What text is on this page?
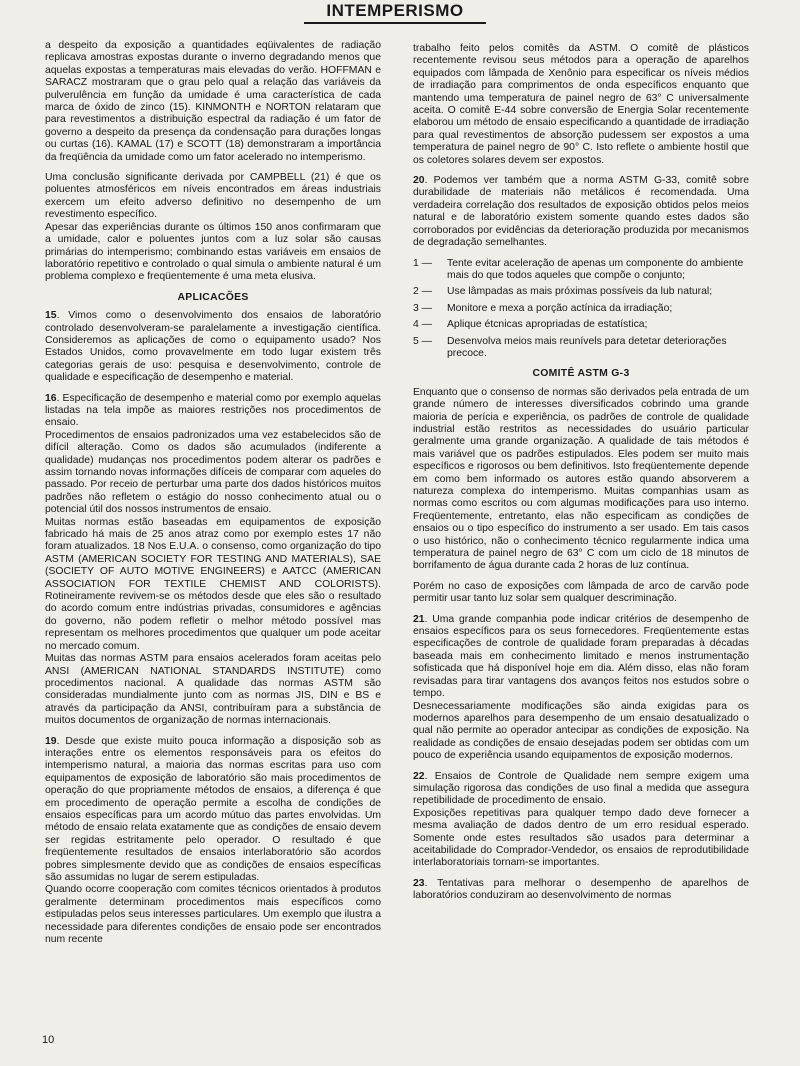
INTEMPERISMO

a despeito da exposição a quantidades eqüivalentes de radiação replicava amostras expostas durante o inverno degradando menos que aquelas expostas a temperaturas mais elevadas do verão. HOFFMAN e SARACZ mostraram que o grau pelo qual a relação das variáveis da pulverulência em função da umidade é uma característica de cada marca de óxido de zinco (15). KINMONTH e NORTON relataram que para revestimentos a distribuição espectral da radiação é um fator de governo a despeito da presença da condensação para durações longas ou curtas (16). KAMAL (17) e SCOTT (18) demonstraram a importância da freqüência da umidade como um fator acelerado no intemperismo.

Uma conclusão significante derivada por CAMPBELL (21) é que os poluentes atmosféricos em níveis encontrados em áreas industriais exercem um efeito adverso definitivo no desempenho de um revestimento específico.

Apesar das experiências durante os últimos 150 anos confirmaram que a umidade, calor e poluentes juntos com a luz solar são causas primárias do intemperismo; combinando estas variáveis em ensaios de laboratório repetitivo e controlado o qual simula o ambiente natural é um problema complexo e freqüentemente é uma meta elusiva.

APLICACÕES

15. Vimos como o desenvolvimento dos ensaios de laboratório controlado desenvolveram-se paralelamente a investigação científica. Consideremos as aplicações de como o equipamento usado? Nos Estados Unidos, como provavelmente em todo lugar existem três categorias gerais de uso: pesquisa e desenvolvimento, controle de qualidade e especificação de desempenho e material.

16. Especificação de desempenho e material como por exemplo aquelas listadas na tela impõe as maiores restrições nos procedimentos de ensaio.

Procedimentos de ensaios padronizados uma vez estabelecidos são de difícil alteração. Como os dados são acumulados (indiferente a qualidade) mudanças nos procedimentos podem alterar os padrões e assim tornando novas informações difíceis de comparar com aqueles do passado. Por receio de perturbar uma parte dos dados históricos muitos padrões não refletem o estágio do nosso conhecimento atual ou o potencial útil dos nossos instrumentos de ensaio.

Muitas normas estão baseadas em equipamentos de exposição fabricado há mais de 25 anos atraz como por exemplo estes 17 não foram atualizados. 18 Nos E.U.A. o consenso, como organização do tipo ASTM (AMERICAN SOCIETY FOR TESTING AND MATERIALS), SAE (SOCIETY OF AUTO MOTIVE ENGINEERS) e AATCC (AMERICAN ASSOCIATION FOR TEXTILE CHEMIST AND COLORISTS). Rotineiramente revivem-se os métodos desde que eles são o resultado do acordo comum entre indústrias privadas, consumidores e agências do governo, não podem refletir o melhor método possível mas representam os melhores procedimentos que qualquer um pode aceitar no mercado comum.

Muitas das normas ASTM para ensaios acelerados foram aceitas pelo ANSI (AMERICAN NATIONAL STANDARDS INSTITUTE) como procedimentos nacional. A qualidade das normas ASTM são consideradas mundialmente junto com as normas JIS, DIN e BS e através da participação da ANSI, contribuíram para a substância de muitos documentos de organização de normas internacionais.

19. Desde que existe muito pouca informação a disposição sob as interações entre os elementos responsáveis para os efeitos do intemperismo natural, a maioria das normas escritas para uso com equipamentos de exposição de laboratório são mais procedimentos de operação do que propriamente métodos de ensaios, a diferença é que em procedimento de operação permite a escolha de condições de ensaios específicas para um acordo mútuo das partes envolvidas. Um método de ensaio relata exatamente que as condições de ensaio devem ser regidas estritamente pelo operador. O resultado é que freqüentemente resultados de ensaios interlaboratório são acordos pobres simplesmente devido que as condições de ensaios específicas são assumidas no lugar de serem estipuladas.

Quando ocorre cooperação com comites técnicos orientados à produtos geralmente determinam procedimentos mais específicos como estipuladas pelos seus interesses particulares. Um exemplo que ilustra a necessidade para diferentes condições de ensaio pode ser encontrados num recente

trabalho feito pelos comitês da ASTM. O comitê de plásticos recentemente revisou seus métodos para a operação de aparelhos equipados com lâmpada de Xenônio para especificar os níveis médios de irradiação para comprimentos de onda específicos enquanto que mantendo uma temperatura de painel negro de 63° C universalmente aceita. O comitê E-44 sobre conversão de Energia Solar recentemente elaborou um método de ensaio especificando a quantidade de irradiação para qual revestimentos de absorção pudessem ser expostos a uma temperatura de painel negro de 90° C. Isto reflete o ambiente hostil que os coletores solares devem ser expostos.

20. Podemos ver também que a norma ASTM G-33, comitê sobre durabilidade de materiais não metálicos é recomendada. Uma verdadeira correlação dos resultados de exposição obtidos pelos meios natural e de laboratório existem somente quando estes dados são corroborados por evidências da deterioração produzida por mecanismos de degradação semelhantes.

1 —	Tente evitar aceleração de apenas um componente do ambiente mais do que todos aqueles que compõe o conjunto;
2 —	Use lâmpadas as mais próximas possíveis da lub natural;
3 —	Monitore e mexa a porção actínica da irradiação;
4 —	Aplique étcnicas apropriadas de estatística;
5 —	Desenvolva meios mais reunívels para detetar deteriorações precoce.
COMITÊ ASTM G-3

Enquanto que o consenso de normas são derivados pela entrada de um grande número de interesses diversificados cobrindo uma grande maioria de perícia e experiência, os padrões de controle de qualidade industrial estão restritos as necessidades do usuário particular geralmente uma grande organização. A qualidade de tais métodos é mais variável que os padrões estipulados. Eles podem ser muito mais específicos e rigorosos ou bem definitivos. Isto freqüentemente depende em como bem informado os autores estão quando absorverem a natureza complexa do intemperismo. Muitas companhias usam as normas como escritos ou com algumas modificações para uso interno. Freqüentemente, entretanto, elas não especificam as condições de ensaios ou o tipo específico do instrumento a ser usado. Em tais casos o uso histórico, não o conhecimento técnico regularmente indica uma temperatura de painel negro de 63° C com um ciclo de 18 minutos de borrifamento de água durante cada 2 horas de luz contínua.

Porém no caso de exposições com lâmpada de arco de carvão pode permitir usar tanto luz solar sem qualquer descriminação.

21. Uma grande companhia pode indicar critérios de desempenho de ensaios específicos para os seus fornecedores. Freqüentemente estas especificações de controle de qualidade foram preparadas à décadas baseada mais em conhecimento limitado e menos instrumentação sofisticada que há disponível hoje em dia. Além disso, elas não foram revisadas para tirar vantagens dos avanços feitos nos estudos sobre o tempo.

Desnecessariamente modificações são ainda exigidas para os modernos aparelhos para desempenho de um ensaio desatualizado o qual não permite ao operador antecipar as condições de exposição. Na realidade as condições de ensaio desejadas podem ser obtidas com um pouco de experiência usando equipamentos de exposição modernos.

22. Ensaios de Controle de Qualidade nem sempre exigem uma simulação rigorosa das condições de uso final a medida que assegura repetibilidade de procedimento de ensaio.

Exposições repetitivas para qualquer tempo dado deve fornecer a mesma avaliação de dados dentro de um erro residual esperado. Somente onde estes resultados são usados para determinar a aceitabilidade do Comprador-Vendedor, os ensaios de reprodutibilidade interlaboratoriais tornam-se importantes.

23. Tentativas para melhorar o desempenho de aparelhos de laboratórios conduziram ao desenvolvimento de normas

10
